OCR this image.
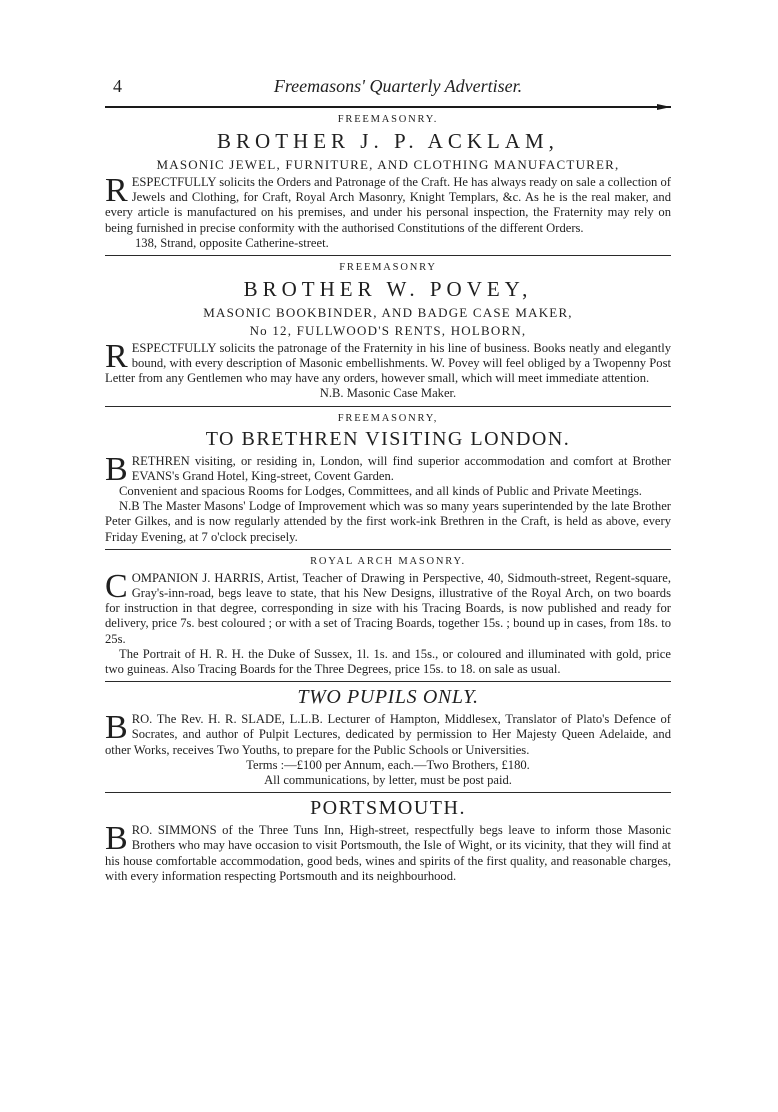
4	Freemasons' Quarterly Advertiser.
FREEMASONRY.
BROTHER J. P. ACKLAM,
MASONIC JEWEL, FURNITURE, AND CLOTHING MANUFACTURER,

RESPECTFULLY solicits the Orders and Patronage of the Craft. He has always ready on sale a collection of Jewels and Clothing, for Craft, Royal Arch Masonry, Knight Templars, &c. As he is the real maker, and every article is manufactured on his premises, and under his personal inspection, the Fraternity may rely on being furnished in precise conformity with the authorised Constitutions of the different Orders.

138, Strand, opposite Catherine-street.
FREEMASONRY
BROTHER W. POVEY,
MASONIC BOOKBINDER, AND BADGE CASE MAKER,
No 12, FULLWOOD'S RENTS, HOLBORN,

RESPECTFULLY solicits the patronage of the Fraternity in his line of business. Books neatly and elegantly bound, with every description of Masonic embellishments. W. Povey will feel obliged by a Twopenny Post Letter from any Gentlemen who may have any orders, however small, which will meet immediate attention.

N.B. Masonic Case Maker.
FREEMASONRY,
TO BRETHREN VISITING LONDON.

BRETHREN visiting, or residing in, London, will find superior accommodation and comfort at Brother EVANS's Grand Hotel, King-street, Covent Garden.

Convenient and spacious Rooms for Lodges, Committees, and all kinds of Public and Private Meetings.

N.B The Master Masons' Lodge of Improvement which was so many years superintended by the late Brother Peter Gilkes, and is now regularly attended by the first work-ink Brethren in the Craft, is held as above, every Friday Evening, at 7 o'clock precisely.

ROYAL ARCH MASONRY.

COMPANION J. HARRIS, Artist, Teacher of Drawing in Perspective, 40, Sidmouth-street, Regent-square, Gray's-inn-road, begs leave to state, that his New Designs, illustrative of the Royal Arch, on two boards for instruction in that degree, corresponding in size with his Tracing Boards, is now published and ready for delivery, price 7s. best coloured ; or with a set of Tracing Boards, together 15s. ; bound up in cases, from 18s. to 25s.

The Portrait of H. R. H. the Duke of Sussex, 1l. 1s. and 15s., or coloured and illuminated with gold, price two guineas. Also Tracing Boards for the Three Degrees, price 15s. to 18. on sale as usual.

TWO PUPILS ONLY.

BRO. The Rev. H. R. SLADE, L.L.B. Lecturer of Hampton, Middlesex, Translator of Plato's Defence of Socrates, and author of Pulpit Lectures, dedicated by permission to Her Majesty Queen Adelaide, and other Works, receives Two Youths, to prepare for the Public Schools or Universities.

Terms :—£100 per Annum, each.—Two Brothers, £180.
All communications, by letter, must be post paid.
PORTSMOUTH.

BRO. SIMMONS of the Three Tuns Inn, High-street, respectfully begs leave to inform those Masonic Brothers who may have occasion to visit Portsmouth, the Isle of Wight, or its vicinity, that they will find at his house comfortable accommodation, good beds, wines and spirits of the first quality, and reasonable charges, with every information respecting Portsmouth and its neighbourhood.
